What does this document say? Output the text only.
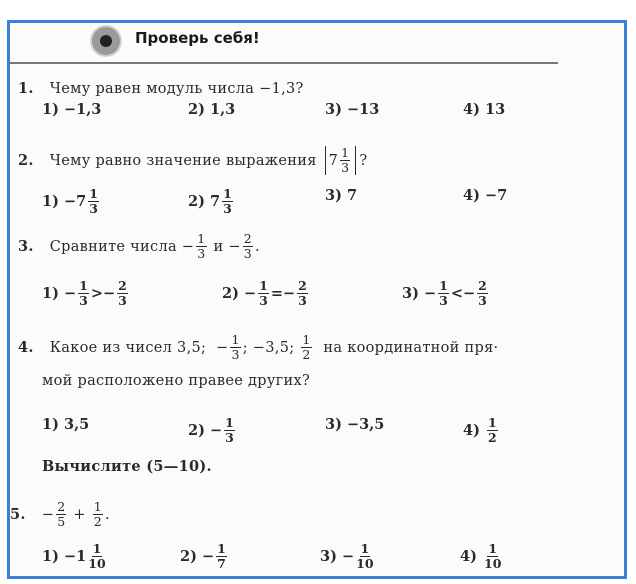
Проверь себя!
1. Чему равен модуль числа −1,3?
2. Чему равно значение выражения $7 \frac{1}{3}$ ?
3. Сравните числа − $\frac{1}{3}$ $и - \frac{2}{3}$ .
4. Какое из чисел 3,5;  − $\frac{1}{3}$ ; −3,5; $\frac{1}{2}$ на координатной пря·
мой расположено правее других?
Вычислите (5—10).
5. − $\frac{2}{5} + \frac{1}{2}$ .
1) −1,3	2) 1,3	3) −13	4) 13
$1) - 7 \frac{1}{3}$	2)
$7 \frac{1}{3}$	3) 7	4) −7
$1) - \frac{1}{3} >- \frac{2}{3}$	$2) - \frac{1}{3} =- \frac{2}{3}$	$3) - \frac{1}{3} <- \frac{2}{3}$
1) 3,5	$2) - \frac{1}{3}$	3) −3,5	4)
$\frac{1}{2}$
$1) - 1 \frac{1}{10}$	$2) - \frac{1}{7}$	$3) - \frac{1}{10}$	4)
$\frac{1}{10}$
